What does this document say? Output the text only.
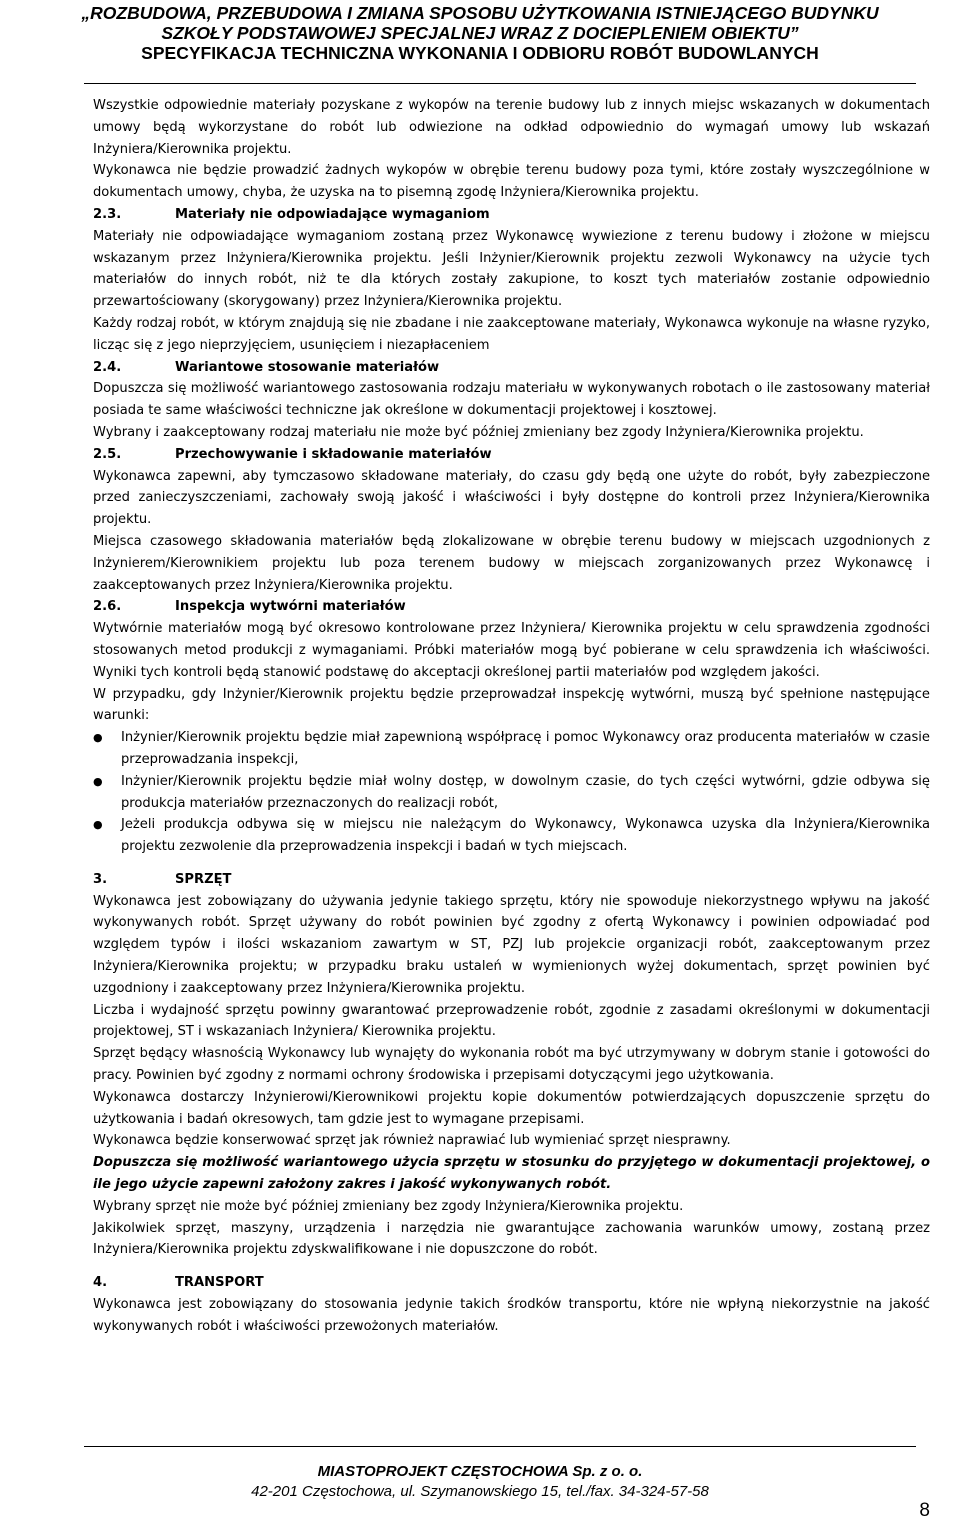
„ROZBUDOWA, PRZEBUDOWA I ZMIANA SPOSOBU UŻYTKOWANIA ISTNIEJĄCEGO BUDYNKU
SZKOŁY PODSTAWOWEJ SPECJALNEJ WRAZ Z DOCIEPLENIEM OBIEKTU”
SPECYFIKACJA TECHNICZNA WYKONANIA I ODBIORU ROBÓT BUDOWLANYCH

Wszystkie odpowiednie materiały pozyskane z wykopów na terenie budowy lub z innych miejsc wskazanych w dokumentach umowy będą wykorzystane do robót lub odwiezione na odkład odpowiednio do wymagań umowy lub wskazań Inżyniera/Kierownika projektu.

Wykonawca nie będzie prowadzić żadnych wykopów w obrębie terenu budowy poza tymi, które zostały wyszczególnione w dokumentach umowy, chyba, że uzyska na to pisemną zgodę Inżyniera/Kierownika projektu.

2.3.	Materiały nie odpowiadające wymaganiom

Materiały nie odpowiadające wymaganiom zostaną przez Wykonawcę wywiezione z terenu budowy i złożone w miejscu wskazanym przez Inżyniera/Kierownika projektu. Jeśli Inżynier/Kierownik projektu zezwoli Wykonawcy na użycie tych materiałów do innych robót, niż te dla których zostały zakupione, to koszt tych materiałów zostanie odpowiednio przewartościowany (skorygowany) przez Inżyniera/Kierownika projektu.

Każdy rodzaj robót, w którym znajdują się nie zbadane i nie zaakceptowane materiały, Wykonawca wykonuje na własne ryzyko, licząc się z jego nieprzyjęciem, usunięciem i niezapłaceniem

2.4.	Wariantowe stosowanie materiałów

Dopuszcza się możliwość wariantowego zastosowania rodzaju materiału w wykonywanych robotach o ile zastosowany materiał posiada te same właściwości techniczne jak określone w dokumentacji projektowej i kosztowej.

Wybrany i zaakceptowany rodzaj materiału nie może być później zmieniany bez zgody Inżyniera/Kierownika projektu.

2.5.	Przechowywanie i składowanie materiałów

Wykonawca zapewni, aby tymczasowo składowane materiały, do czasu gdy będą one użyte do robót, były zabezpieczone przed zanieczyszczeniami, zachowały swoją jakość i właściwości i były dostępne do kontroli przez Inżyniera/Kierownika projektu.

Miejsca czasowego składowania materiałów będą zlokalizowane w obrębie terenu budowy w miejscach uzgodnionych z Inżynierem/Kierownikiem projektu lub poza terenem budowy w miejscach zorganizowanych przez Wykonawcę i zaakceptowanych przez Inżyniera/Kierownika projektu.

2.6.	Inspekcja wytwórni materiałów

Wytwórnie materiałów mogą być okresowo kontrolowane przez Inżyniera/ Kierownika projektu w celu sprawdzenia zgodności stosowanych metod produkcji z wymaganiami. Próbki materiałów mogą być pobierane w celu sprawdzenia ich właściwości. Wyniki tych kontroli będą stanowić podstawę do akceptacji określonej partii materiałów pod względem jakości.

W przypadku, gdy Inżynier/Kierownik projektu będzie przeprowadzał inspekcję wytwórni, muszą być spełnione następujące warunki:

● Inżynier/Kierownik projektu będzie miał zapewnioną współpracę i pomoc Wykonawcy oraz producenta materiałów w czasie przeprowadzania inspekcji,
● Inżynier/Kierownik projektu będzie miał wolny dostęp, w dowolnym czasie, do tych części wytwórni, gdzie odbywa się produkcja materiałów przeznaczonych do realizacji robót,
● Jeżeli produkcja odbywa się w miejscu nie należącym do Wykonawcy, Wykonawca uzyska dla Inżyniera/Kierownika projektu zezwolenie dla przeprowadzenia inspekcji i badań w tych miejscach.
3.	SPRZĘT

Wykonawca jest zobowiązany do używania jedynie takiego sprzętu, który nie spowoduje niekorzystnego wpływu na jakość wykonywanych robót. Sprzęt używany do robót powinien być zgodny z ofertą Wykonawcy i powinien odpowiadać pod względem typów i ilości wskazaniom zawartym w ST, PZJ lub projekcie organizacji robót, zaakceptowanym przez Inżyniera/Kierownika projektu; w przypadku braku ustaleń w wymienionych wyżej dokumentach, sprzęt powinien być uzgodniony i zaakceptowany przez Inżyniera/Kierownika projektu.

Liczba i wydajność sprzętu powinny gwarantować przeprowadzenie robót, zgodnie z zasadami określonymi w dokumentacji projektowej, ST i wskazaniach Inżyniera/ Kierownika projektu.

Sprzęt będący własnością Wykonawcy lub wynajęty do wykonania robót ma być utrzymywany w dobrym stanie i gotowości do pracy. Powinien być zgodny z normami ochrony środowiska i przepisami dotyczącymi jego użytkowania.

Wykonawca dostarczy Inżynierowi/Kierownikowi projektu kopie dokumentów potwierdzających dopuszczenie sprzętu do użytkowania i badań okresowych, tam gdzie jest to wymagane przepisami.

Wykonawca będzie konserwować sprzęt jak również naprawiać lub wymieniać sprzęt niesprawny.

Dopuszcza się możliwość wariantowego użycia sprzętu w stosunku do przyjętego w dokumentacji projektowej, o ile jego użycie zapewni założony zakres i jakość wykonywanych robót.

Wybrany sprzęt nie może być później zmieniany bez zgody Inżyniera/Kierownika projektu.

Jakikolwiek sprzęt, maszyny, urządzenia i narzędzia nie gwarantujące zachowania warunków umowy, zostaną przez Inżyniera/Kierownika projektu zdyskwalifikowane i nie dopuszczone do robót.

4.	TRANSPORT

Wykonawca jest zobowiązany do stosowania jedynie takich środków transportu, które nie wpłyną niekorzystnie na jakość wykonywanych robót i właściwości przewożonych materiałów.

MIASTOPROJEKT CZĘSTOCHOWA Sp. z o. o.
42-201 Częstochowa, ul. Szymanowskiego 15, tel./fax. 34-324-57-58
8
